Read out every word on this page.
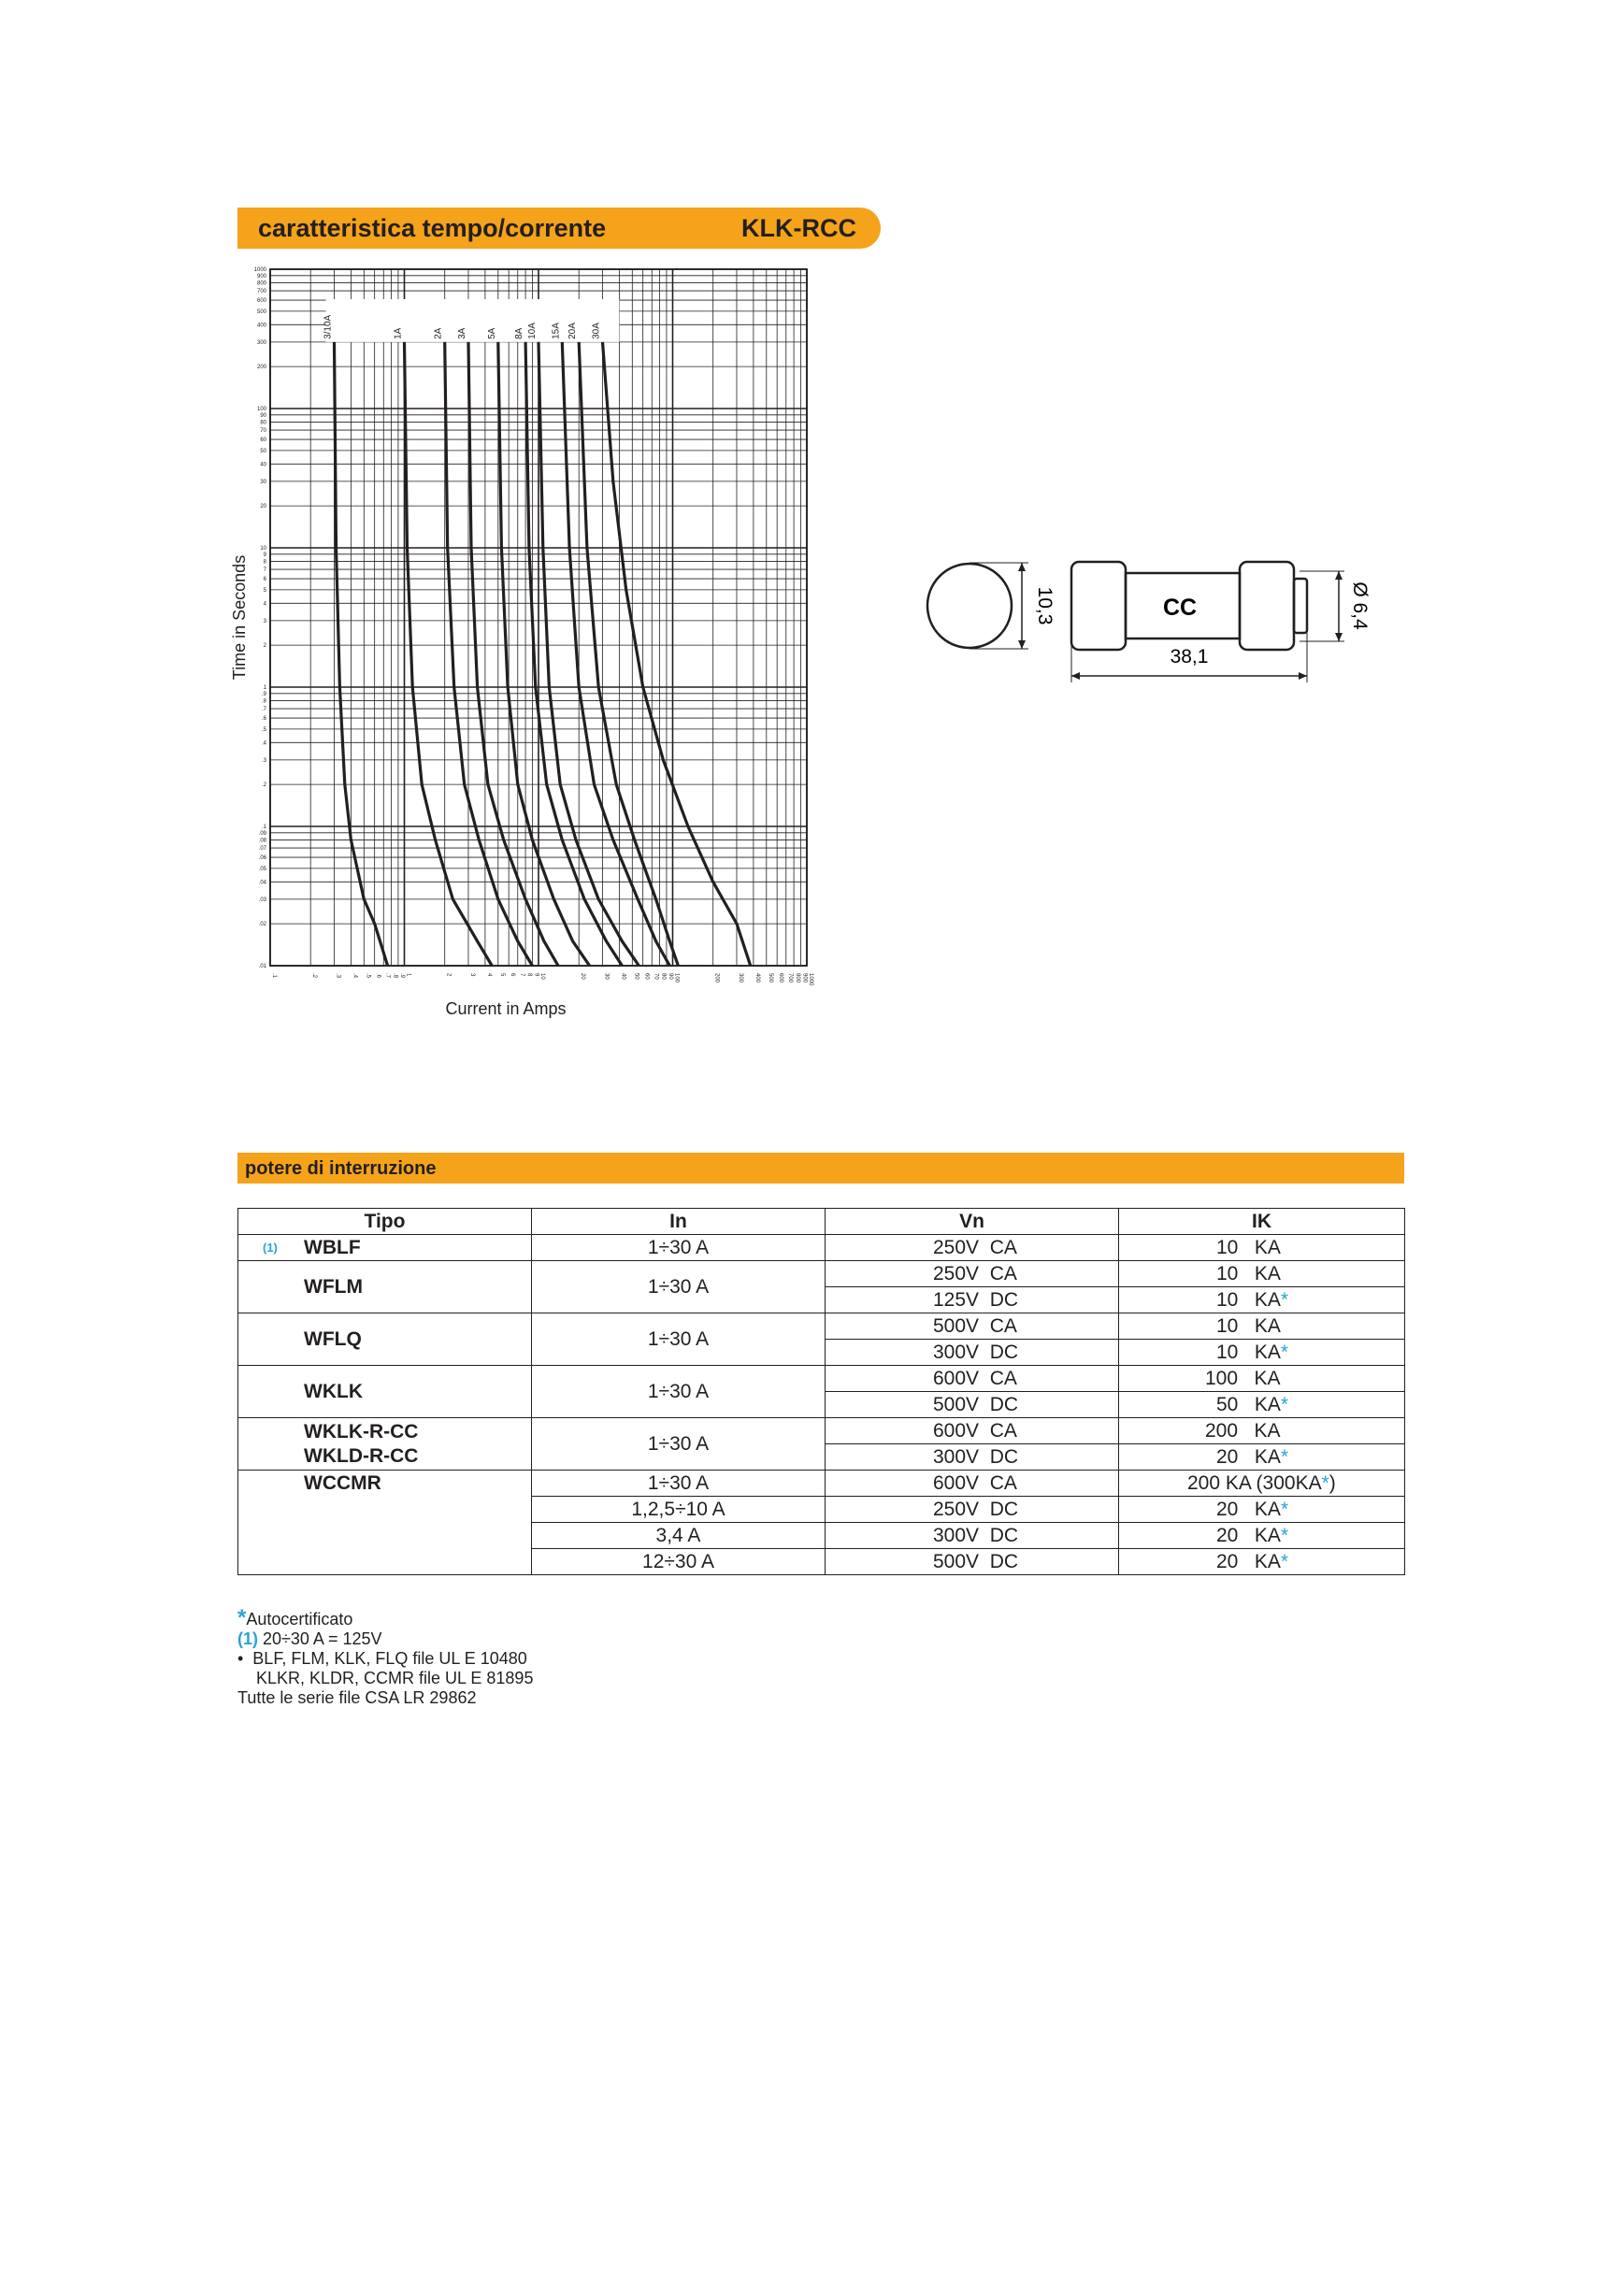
caratteristica tempo/corrente	KLK-RCC
.1	.2	.3 .4 .5 .6 .7 .8 .9 1	2	3 4 5 6 7 8 9 10	20	30 40 50 60 70 80 90 100	200	300 400 500 600 700 800 900 1000
.01
.02
.03
.04
.05
.06
.07
.08
.09
.1
.2
.3
.4
.5
.6
.7
.8
.9
1
2
3
4
5
6
7
8
9
10
20
30
40
50
60
70
80
90
100
200
300
400
500
600
700
800
900
1000
Current in Amps
Time in Seconds
3/10A	1A	2A 3A 5A 8A 10A 15A 20A 30A
10,3	CC
38,1
Ø 6,4
potere di interruzione
Tipo	In	Vn	IK

(1) WBLF	1÷30 A	250V  CA	10   KA
WFLM	1÷30 A	250V  CA	10   KA
		125V  DC	10   KA*
WFLQ	1÷30 A	500V  CA	10   KA
		300V  DC	10   KA*
WKLK	1÷30 A	600V  CA	100   KA
		500V  DC	50   KA*
WKLK-R-CC
WKLD-R-CC	1÷30 A	600V  CA	200   KA
		300V  DC	20   KA*
WCCMR	1÷30 A	600V  CA	200 KA (300KA*)
	1,2,5÷10 A	250V  DC	20   KA*
	3,4 A	300V  DC	20   KA*
	12÷30 A	500V  DC	20   KA*
*Autocertificato
(1) 20÷30 A = 125V
•  BLF, FLM, KLK, FLQ file UL E 10480
KLKR, KLDR, CCMR file UL E 81895
Tutte le serie file CSA LR 29862
